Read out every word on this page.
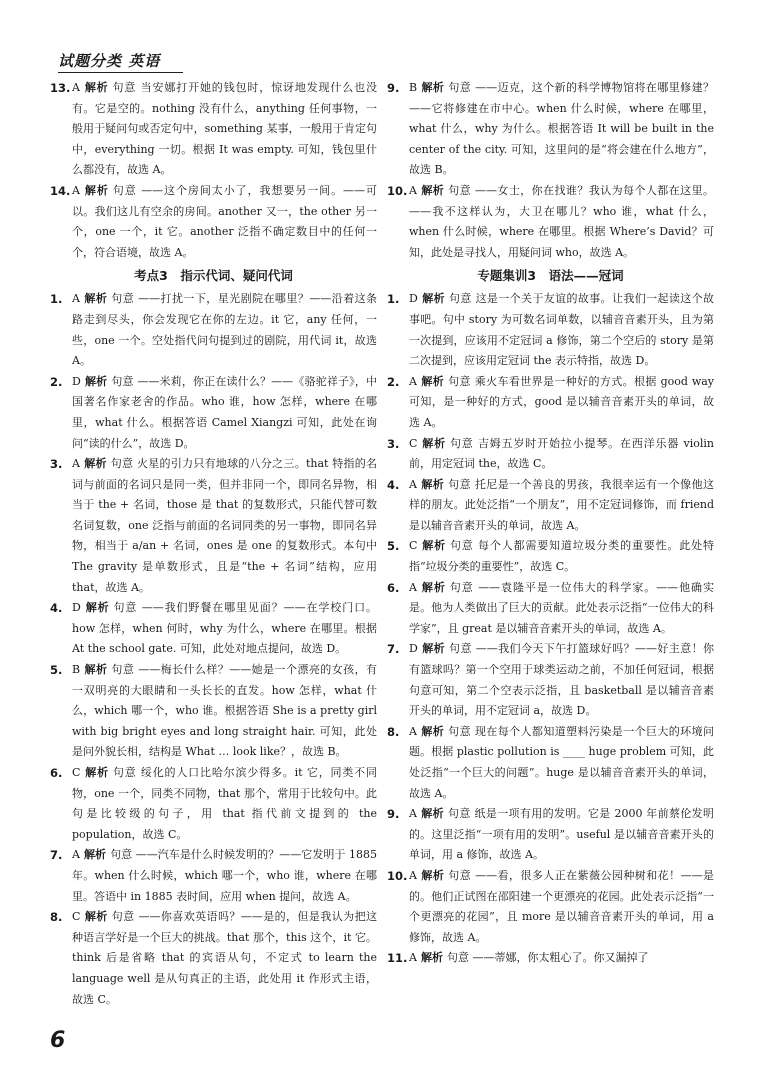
试题分类 英语
13. A 解析 句意 当安娜打开她的钱包时，惊讶地发现什么也没有。它是空的。nothing 没有什么，anything 任何事物，一般用于疑问句或否定句中，something 某事，一般用于肯定句中，everything 一切。根据 It was empty. 可知，钱包里什么都没有，故选 A。
14. A 解析 句意 ——这个房间太小了，我想要另一间。——可以。我们这儿有空余的房间。another 又一，the other 另一个，one 一个，it 它。another 泛指不确定数目中的任何一个，符合语境，故选 A。
考点3　指示代词、疑问代词
1. A 解析 句意 ——打扰一下，星光剧院在哪里？——沿着这条路走到尽头，你会发现它在你的左边。it 它，any 任何，一些，one 一个。空处指代问句提到过的剧院，用代词 it，故选 A。
2. D 解析 句意 ——米莉，你正在读什么？——《骆驼祥子》，中国著名作家老舍的作品。who 谁，how 怎样，where 在哪里，what 什么。根据答语 Camel Xiangzi 可知，此处在询问“读的什么”，故选 D。
3. A 解析 句意 火星的引力只有地球的八分之三。that 特指的名词与前面的名词只是同一类，但并非同一个，即同名异物，相当于 the + 名词，those 是 that 的复数形式，只能代替可数名词复数，one 泛指与前面的名词同类的另一事物，即同名异物，相当于 a/an + 名词，ones 是 one 的复数形式。本句中 The gravity 是单数形式，且是“the + 名词”结构，应用 that，故选 A。
4. D 解析 句意 ——我们野餐在哪里见面？——在学校门口。how 怎样，when 何时，why 为什么，where 在哪里。根据 At the school gate. 可知，此处对地点提问，故选 D。
5. B 解析 句意 ——梅长什么样？——她是一个漂亮的女孩，有一双明亮的大眼睛和一头长长的直发。how 怎样，what 什么，which 哪一个，who 谁。根据答语 She is a pretty girl with big bright eyes and long straight hair. 可知，此处是问外貌长相，结构是 What … look like？，故选 B。
6. C 解析 句意 绥化的人口比哈尔滨少得多。it 它，同类不同物，one 一个，同类不同物，that 那个，常用于比较句中。此句是比较级的句子，用 that 指代前文提到的 the population，故选 C。
7. A 解析 句意 ——汽车是什么时候发明的？——它发明于 1885 年。when 什么时候，which 哪一个，who 谁，where 在哪里。答语中 in 1885 表时间，应用 when 提问，故选 A。
8. C 解析 句意 ——你喜欢英语吗？——是的，但是我认为把这种语言学好是一个巨大的挑战。that 那个，this 这个，it 它。think 后是省略 that 的宾语从句，不定式 to learn the language well 是从句真正的主语，此处用 it 作形式主语，故选 C。
9. B 解析 句意 ——迈克，这个新的科学博物馆将在哪里修建？——它将修建在市中心。when 什么时候，where 在哪里，what 什么，why 为什么。根据答语 It will be built in the center of the city. 可知，这里问的是“将会建在什么地方”，故选 B。
10. A 解析 句意 ——女士，你在找谁？我认为每个人都在这里。——我不这样认为，大卫在哪儿？who 谁，what 什么，when 什么时候，where 在哪里。根据 Where’s David？可知，此处是寻找人，用疑问词 who，故选 A。
专题集训3　语法——冠词
1. D 解析 句意 这是一个关于友谊的故事。让我们一起读这个故事吧。句中 story 为可数名词单数，以辅音音素开头，且为第一次提到，应该用不定冠词 a 修饰，第二个空后的 story 是第二次提到，应该用定冠词 the 表示特指，故选 D。
2. A 解析 句意 乘火车看世界是一种好的方式。根据 good way 可知，是一种好的方式，good 是以辅音音素开头的单词，故选 A。
3. C 解析 句意 吉姆五岁时开始拉小提琴。在西洋乐器 violin 前，用定冠词 the，故选 C。
4. A 解析 句意 托尼是一个善良的男孩，我很幸运有一个像他这样的朋友。此处泛指“一个朋友”，用不定冠词修饰，而 friend 是以辅音音素开头的单词，故选 A。
5. C 解析 句意 每个人都需要知道垃圾分类的重要性。此处特指“垃圾分类的重要性”，故选 C。
6. A 解析 句意 ——袁隆平是一位伟大的科学家。——他确实是。他为人类做出了巨大的贡献。此处表示泛指“一位伟大的科学家”，且 great 是以辅音音素开头的单词，故选 A。
7. D 解析 句意 ——我们今天下午打篮球好吗？——好主意！你有篮球吗？第一个空用于球类运动之前，不加任何冠词，根据句意可知，第二个空表示泛指，且 basketball 是以辅音音素开头的单词，用不定冠词 a，故选 D。
8. A 解析 句意 现在每个人都知道塑料污染是一个巨大的环境问题。根据 plastic pollution is ____ huge problem 可知，此处泛指“一个巨大的问题”。huge 是以辅音音素开头的单词，故选 A。
9. A 解析 句意 纸是一项有用的发明。它是 2000 年前蔡伦发明的。这里泛指“一项有用的发明”。useful 是以辅音音素开头的单词，用 a 修饰，故选 A。
10. A 解析 句意 ——看，很多人正在紫薇公园种树和花！——是的。他们正试图在邵阳建一个更漂亮的花园。此处表示泛指“一个更漂亮的花园”，且 more 是以辅音音素开头的单词，用 a 修饰，故选 A。
11. A 解析 句意 ——蒂娜，你太粗心了。你又漏掉了
6
